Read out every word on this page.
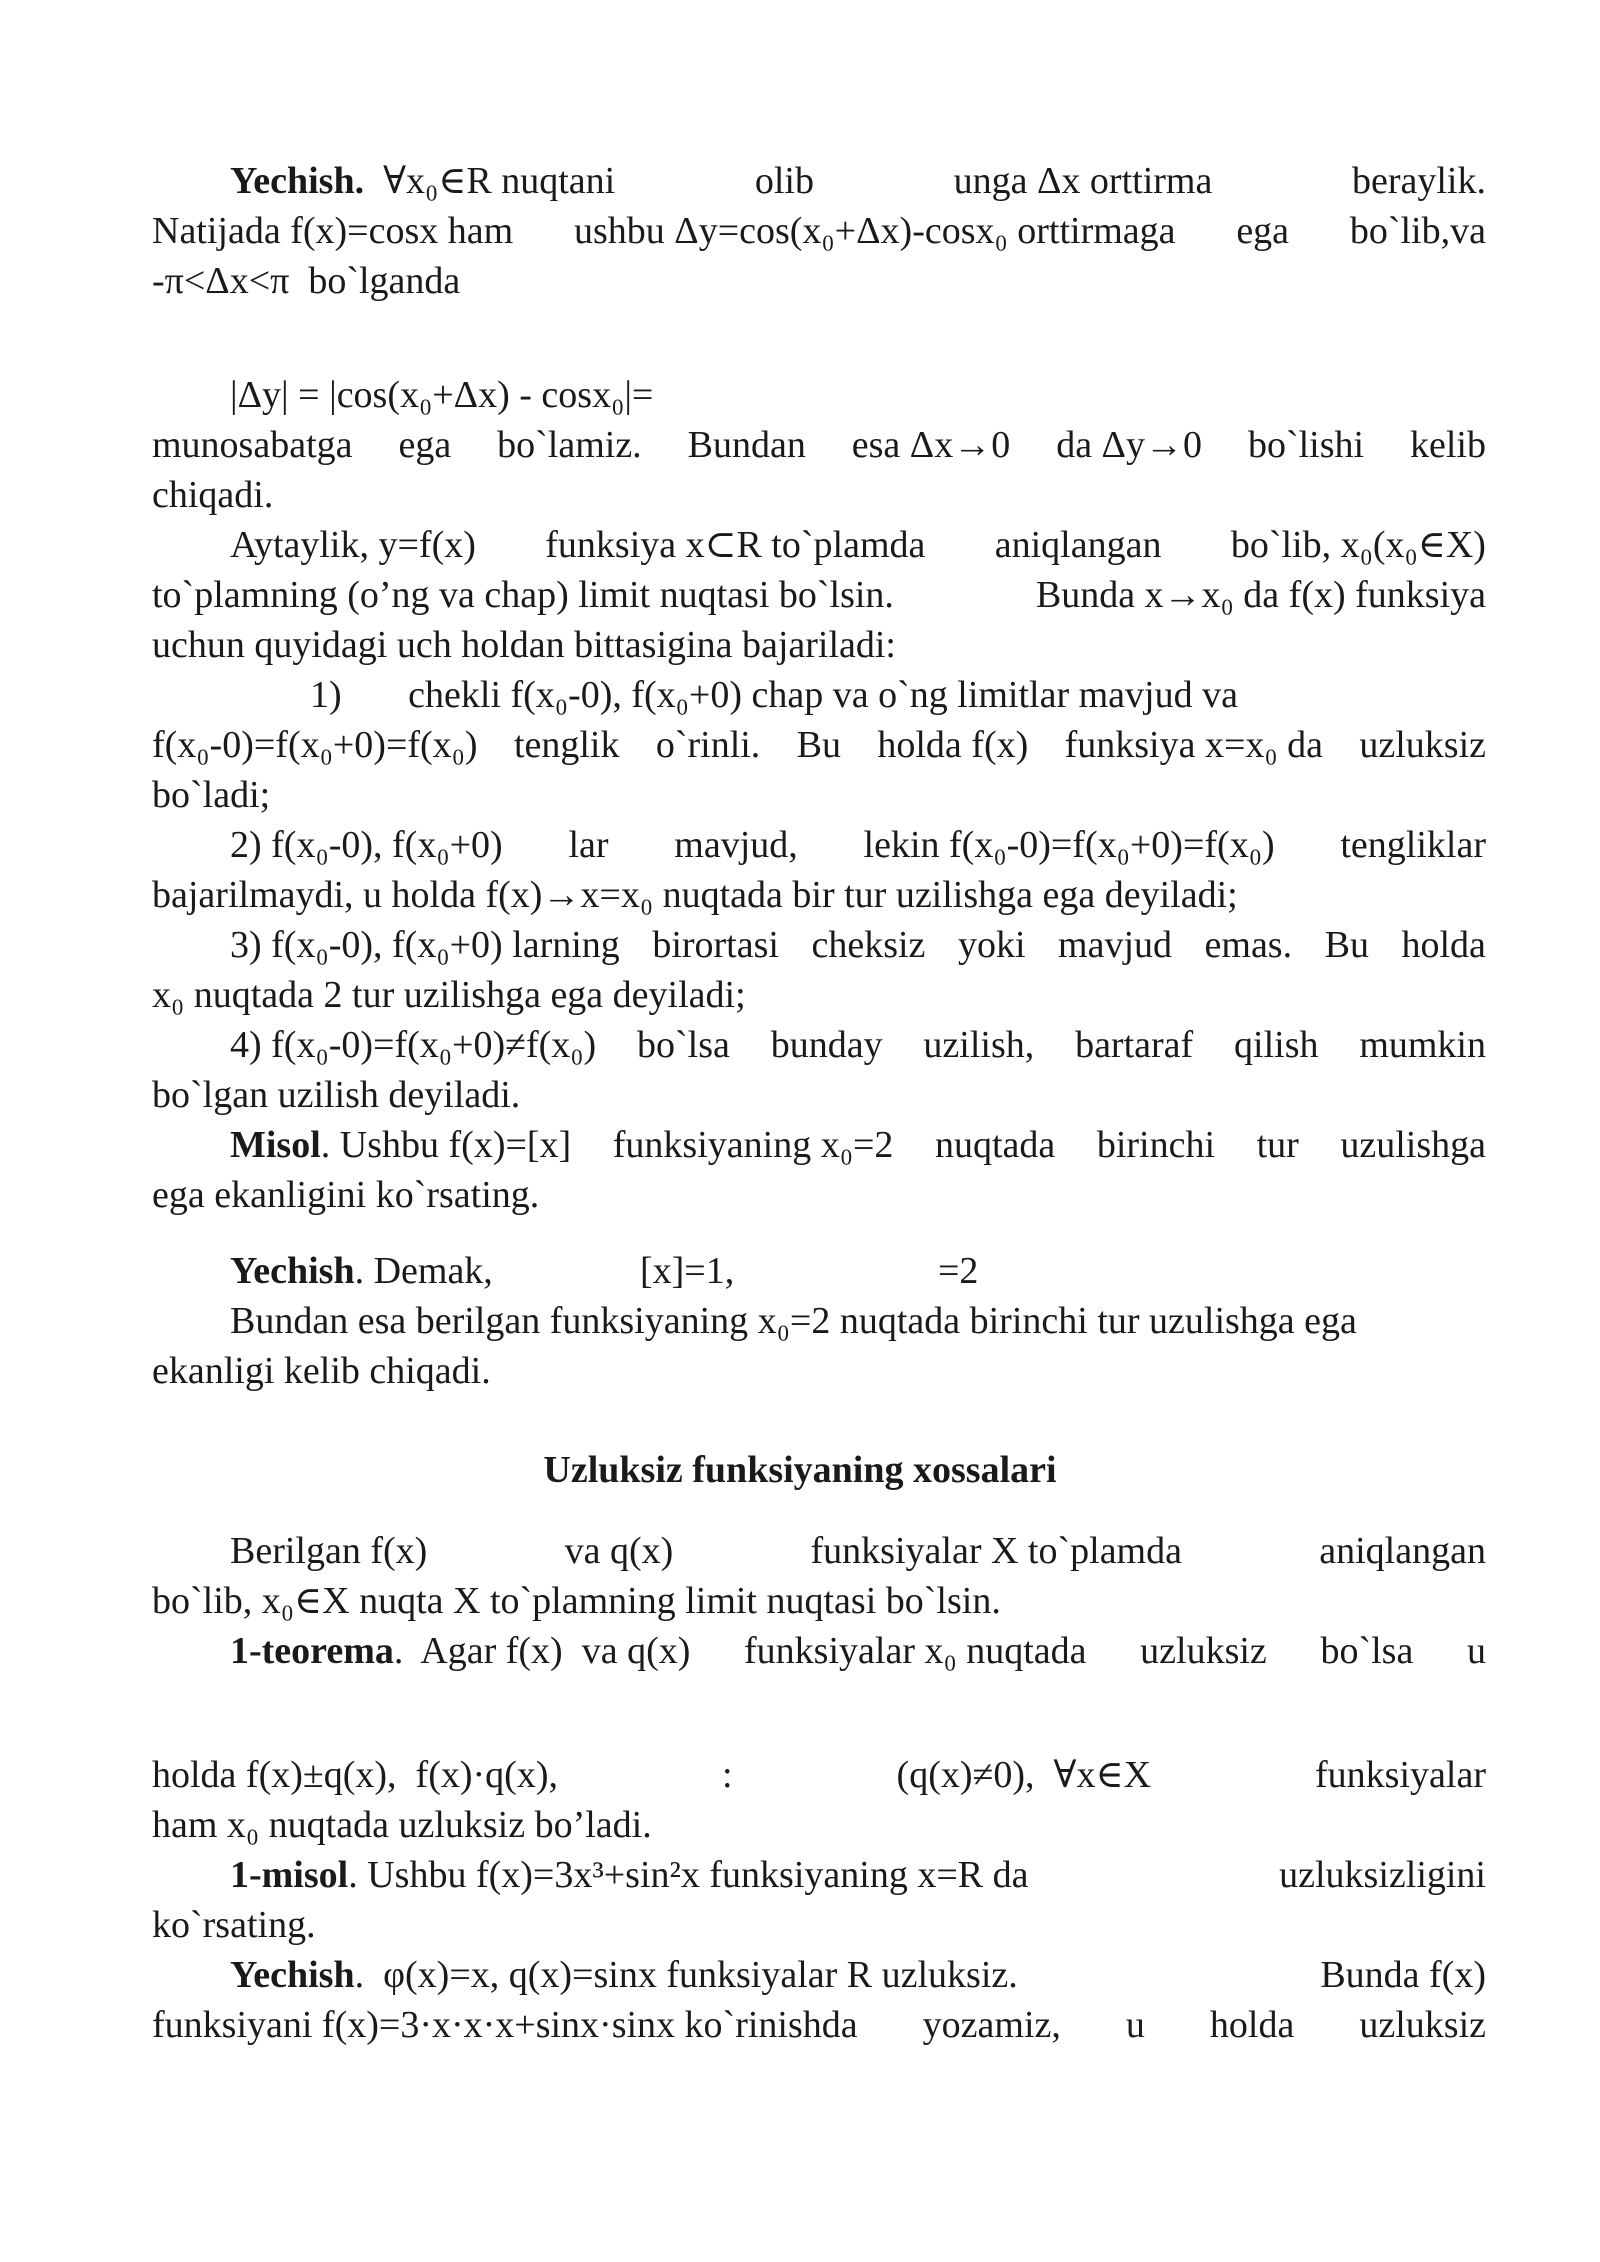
Yechish.  ∀x₀∈R nuqtani	olib	unga Δx orttirma	beraylik.
Natijada f(x)=cosx ham ushbu Δy=cos(x₀+Δx)-cosx₀ orttirmaga ega bo`lib,va
-π<Δx<π  bo`lganda
|Δy| = |cos(x₀+Δx) - cosx₀|=
munosabatga ega bo`lamiz. Bundan esa Δx→0 da Δy→0 bo`lishi kelib
chiqadi.
Aytaylik, y=f(x) funksiya x⊂R to`plamda aniqlangan bo`lib, x₀(x₀∈X)
to`plamning (o’ng va chap) limit nuqtasi bo`lsin.	Bunda x→x₀ da f(x) funksiya
uchun quyidagi uch holdan bittasigina bajariladi:
1)       chekli f(x₀-0), f(x₀+0) chap va o`ng limitlar mavjud va
f(x₀-0)=f(x₀+0)=f(x₀) tenglik o`rinli. Bu holda f(x) funksiya x=x₀ da uzluksiz
bo`ladi;
2) f(x₀-0), f(x₀+0) lar mavjud, lekin f(x₀-0)=f(x₀+0)=f(x₀) tengliklar
bajarilmaydi, u holda f(x)→x=x₀ nuqtada bir tur uzilishga ega deyiladi;
3) f(x₀-0), f(x₀+0) larning birortasi cheksiz yoki mavjud emas. Bu holda
x₀ nuqtada 2 tur uzilishga ega deyiladi;
4) f(x₀-0)=f(x₀+0)≠f(x₀) bo`lsa bunday uzilish, bartaraf qilish mumkin
bo`lgan uzilish deyiladi.
Misol. Ushbu f(x)=[x] funksiyaning x₀=2 nuqtada birinchi tur uzulishga
ega ekanligini ko`rsating.
Yechish. Demak,	[x]=1,	=2
Bundan esa berilgan funksiyaning x₀=2 nuqtada birinchi tur uzulishga ega
ekanligi kelib chiqadi.
Uzluksiz funksiyaning xossalari
Berilgan f(x)	va q(x)	funksiyalar X to`plamda	aniqlangan
bo`lib, x₀∈X nuqta X to`plamning limit nuqtasi bo`lsin.
1-teorema.  Agar f(x)  va q(x) funksiyalar x₀ nuqtada uzluksiz bo`lsa u
holda f(x)±q(x),  f(x)·q(x),	:	(q(x)≠0),  ∀x∈X	funksiyalar
ham x₀ nuqtada uzluksiz bo’ladi.
1-misol. Ushbu f(x)=3x³+sin²x funksiyaning x=R da	uzluksizligini
ko`rsating.
Yechish.  φ(x)=x, q(x)=sinx funksiyalar R uzluksiz.	Bunda f(x)
funksiyani f(x)=3·x·x·x+sinx·sinx ko`rinishda yozamiz, u holda uzluksiz
